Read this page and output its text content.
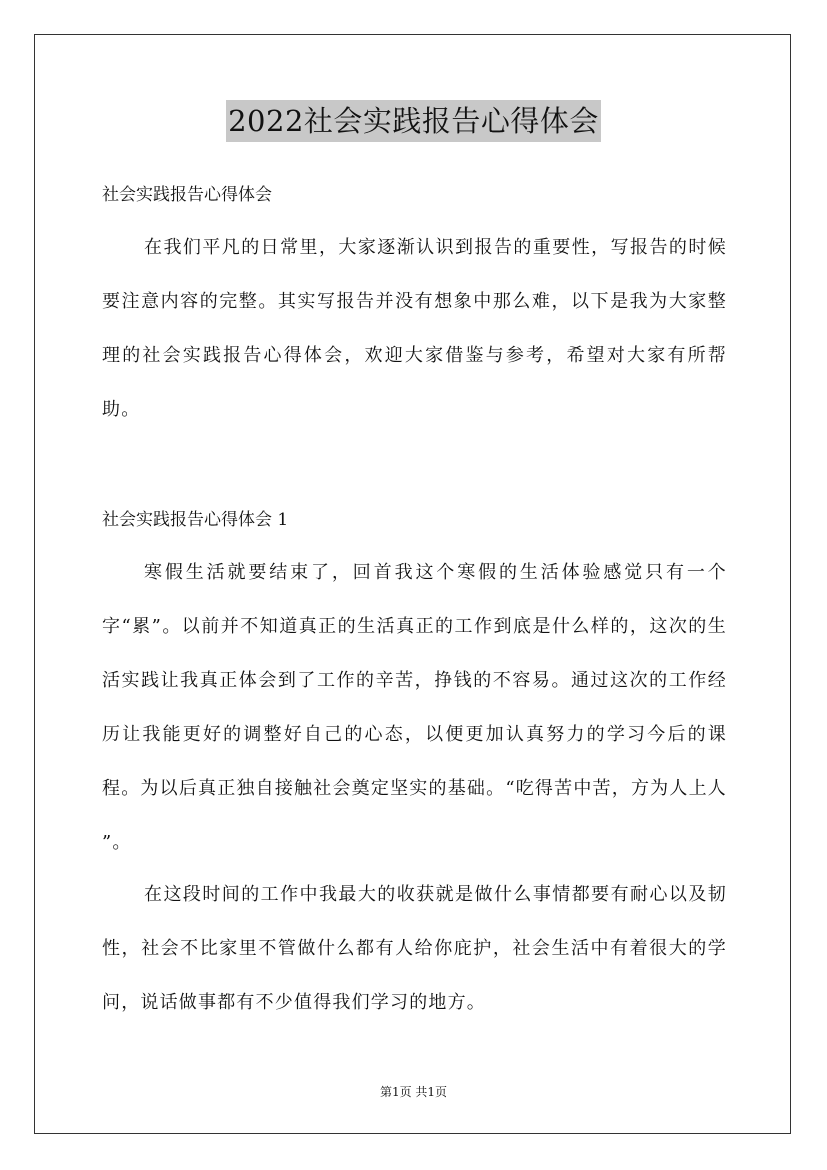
2022社会实践报告心得体会

社会实践报告心得体会

在我们平凡的日常里，大家逐渐认识到报告的重要性，写报告的时候要注意内容的完整。其实写报告并没有想象中那么难，以下是我为大家整理的社会实践报告心得体会，欢迎大家借鉴与参考，希望对大家有所帮助。

社会实践报告心得体会 1

寒假生活就要结束了，回首我这个寒假的生活体验感觉只有一个字“累”。以前并不知道真正的生活真正的工作到底是什么样的，这次的生活实践让我真正体会到了工作的辛苦，挣钱的不容易。通过这次的工作经历让我能更好的调整好自己的心态，以便更加认真努力的学习今后的课程。为以后真正独自接触社会奠定坚实的基础。“吃得苦中苦，方为人上人 ”。

在这段时间的工作中我最大的收获就是做什么事情都要有耐心以及韧性，社会不比家里不管做什么都有人给你庇护，社会生活中有着很大的学问，说话做事都有不少值得我们学习的地方。

第1页 共1页
